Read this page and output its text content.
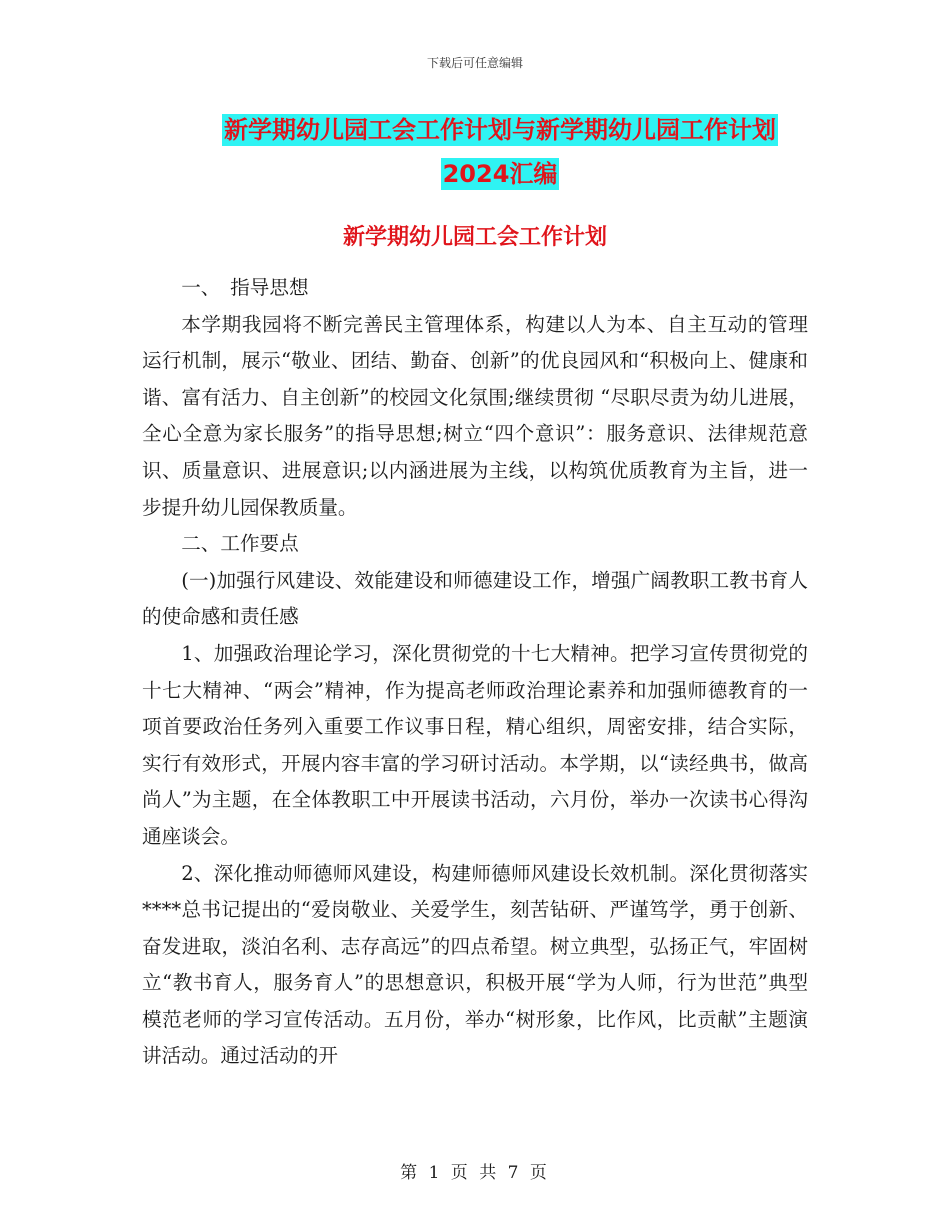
下载后可任意编辑
新学期幼儿园工会工作计划与新学期幼儿园工作计划
2024汇编
新学期幼儿园工会工作计划

一、　指导思想

本学期我园将不断完善民主管理体系，构建以人为本、自主互动的管理运行机制，展示“敬业、团结、勤奋、创新”的优良园风和“积极向上、健康和谐、富有活力、自主创新”的校园文化氛围;继续贯彻 “尽职尽责为幼儿进展，全心全意为家长服务”的指导思想;树立“四个意识”：服务意识、法律规范意识、质量意识、进展意识;以内涵进展为主线，以构筑优质教育为主旨，进一步提升幼儿园保教质量。

二、工作要点

(一)加强行风建设、效能建设和师德建设工作，增强广阔教职工教书育人的使命感和责任感

1、加强政治理论学习，深化贯彻党的十七大精神。把学习宣传贯彻党的十七大精神、“两会”精神，作为提高老师政治理论素养和加强师德教育的一项首要政治任务列入重要工作议事日程，精心组织，周密安排，结合实际，实行有效形式，开展内容丰富的学习研讨活动。本学期，以“读经典书，做高尚人”为主题，在全体教职工中开展读书活动，六月份，举办一次读书心得沟通座谈会。

2、深化推动师德师风建设，构建师德师风建设长效机制。深化贯彻落实****总书记提出的“爱岗敬业、关爱学生，刻苦钻研、严谨笃学，勇于创新、奋发进取，淡泊名利、志存高远”的四点希望。树立典型，弘扬正气，牢固树立“教书育人，服务育人”的思想意识，积极开展“学为人师，行为世范”典型模范老师的学习宣传活动。五月份，举办“树形象，比作风，比贡献”主题演讲活动。通过活动的开

第 1 页 共 7 页
